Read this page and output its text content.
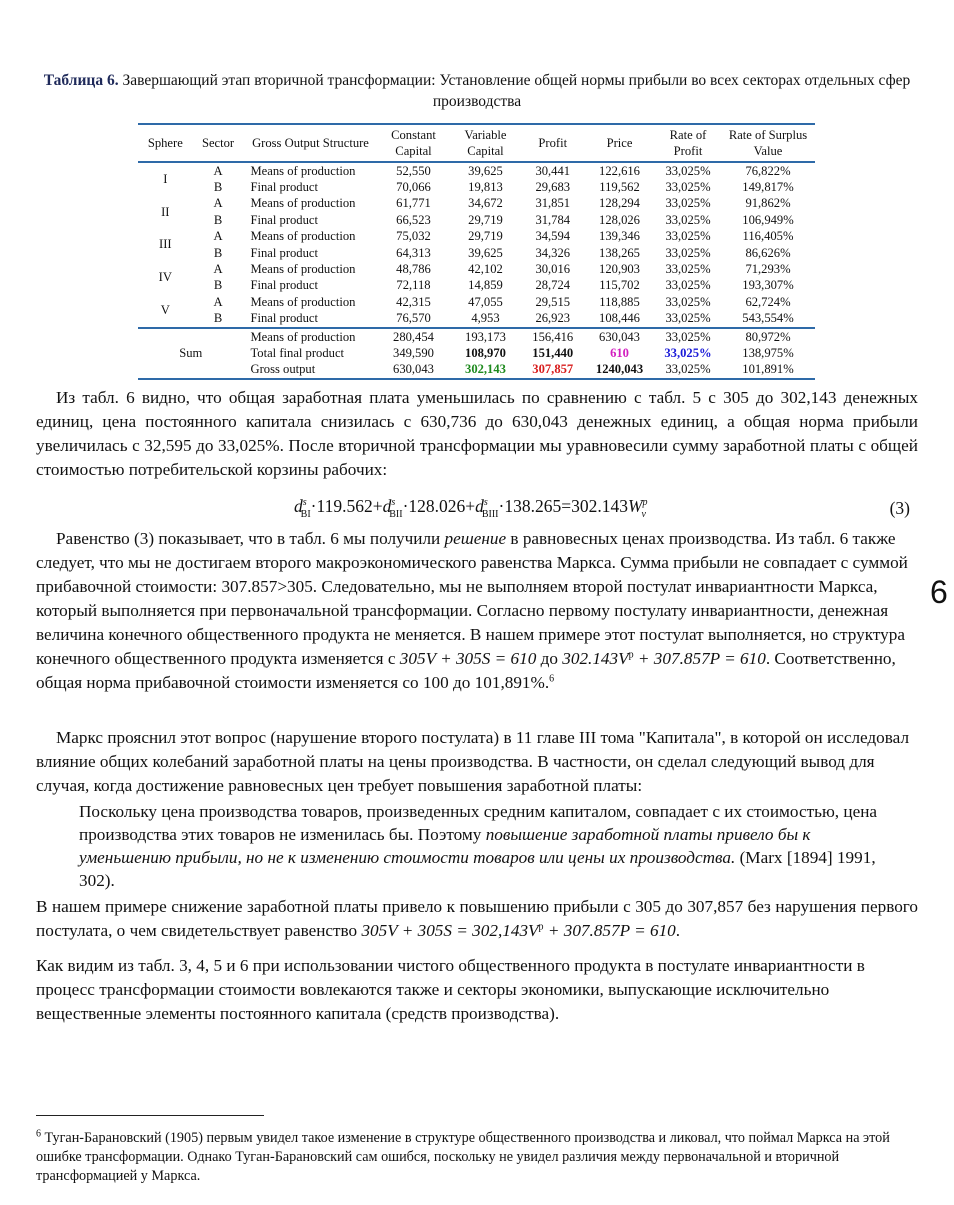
Таблица 6. Завершающий этап вторичной трансформации: Установление общей нормы прибыли во всех секторах отдельных сфер производства
Sphere	Sector	Gross Output Structure	Constant Capital	Variable Capital	Profit	Price	Rate of Profit	Rate of Surplus Value
I	A	Means of production	52,550	39,625	30,441	122,616	33,025%	76,822%
	B	Final product	70,066	19,813	29,683	119,562	33,025%	149,817%
II	A	Means of production	61,771	34,672	31,851	128,294	33,025%	91,862%
	B	Final product	66,523	29,719	31,784	128,026	33,025%	106,949%
III	A	Means of production	75,032	29,719	34,594	139,346	33,025%	116,405%
	B	Final product	64,313	39,625	34,326	138,265	33,025%	86,626%
IV	A	Means of production	48,786	42,102	30,016	120,903	33,025%	71,293%
	B	Final product	72,118	14,859	28,724	115,702	33,025%	193,307%
V	A	Means of production	42,315	47,055	29,515	118,885	33,025%	62,724%
	B	Final product	76,570	4,953	26,923	108,446	33,025%	543,554%
Sum		Means of production	280,454	193,173	156,416	630,043	33,025%	80,972%
		Total final product	349,590	108,970	151,440	610	33,025%	138,975%
		Gross output	630,043	302,143	307,857	1240,043	33,025%	101,891%

Из табл. 6 видно, что общая заработная плата уменьшилась по сравнению с табл. 5 с 305 до 302,143 денежных единиц, цена постоянного капитала снизилась с 630,736 до 630,043 денежных единиц, а общая норма прибыли увеличилась с 32,595 до 33,025%. После вторичной трансформации мы уравновесили сумму заработной платы с общей стоимостью потребительской корзины рабочих:

$d^s_{BI}\cdot 119.562+d^s_{BII}\cdot 128.026+d^s_{BIII}\cdot 138.265=302.143W^p_v$	(3)

Равенство (3) показывает, что в табл. 6 мы получили решение в равновесных ценах производства. Из табл. 6 также следует, что мы не достигаем второго макроэкономического равенства Маркса. Сумма прибыли не совпадает с суммой прибавочной стоимости: 307.857>305. Следовательно, мы не выполняем второй постулат инвариантности Маркса, который выполняется при первоначальной трансформации. Согласно первому постулату инвариантности, денежная величина конечного общественного продукта не меняется. В нашем примере этот постулат выполняется, но структура конечного общественного продукта изменяется с 305V + 305S = 610 до $302.143V^p + 307.857P = 610$. Соответственно, общая норма прибавочной стоимости изменяется со 100 до 101,891%.$^6$

Маркс прояснил этот вопрос (нарушение второго постулата) в 11 главе III тома "Капитала", в которой он исследовал влияние общих колебаний заработной платы на цены производства. В частности, он сделал следующий вывод для случая, когда достижение равновесных цен требует повышения заработной платы:

Поскольку цена производства товаров, произведенных средним капиталом, совпадает с их стоимостью, цена производства этих товаров не изменилась бы. Поэтому повышение заработной платы привело бы к уменьшению прибыли, но не к изменению стоимости товаров или цены их производства. (Marx [1894] 1991, 302).

В нашем примере снижение заработной платы привело к повышению прибыли с 305 до 307,857 без нарушения первого постулата, о чем свидетельствует равенство $305V + 305S = 302,143V^p + 307.857P = 610$.

Как видим из табл. 3, 4, 5 и 6 при использовании чистого общественного продукта в постулате инвариантности в процесс трансформации стоимости вовлекаются также и секторы экономики, выпускающие исключительно вещественные элементы постоянного капитала (средств производства).

6

$^6$ Туган-Барановский (1905) первым увидел такое изменение в структуре общественного производства и ликовал, что поймал Маркса на этой ошибке трансформации. Однако Туган-Барановский сам ошибся, поскольку не увидел различия между первоначальной и вторичной трансформацией у Маркса.
